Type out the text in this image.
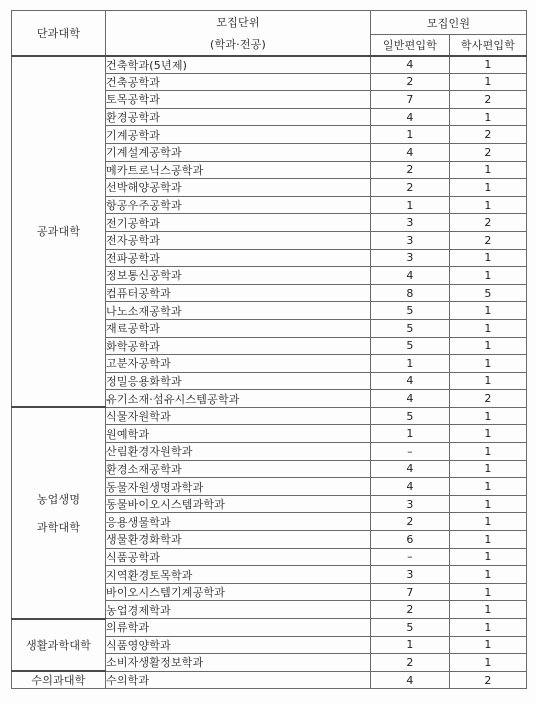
단과대학	모집단위
(학과·전공)	모집인원	
		일반편입학	학사편입학

공과대학	건축학과(5년제)	4	1
	건축공학과	2	1
	토목공학과	7	2
	환경공학과	4	1
	기계공학과	1	2
	기계설계공학과	4	2
	메카트로닉스공학과	2	1
	선박해양공학과	2	1
	항공우주공학과	1	1
	전기공학과	3	2
	전자공학과	3	2
	전파공학과	3	1
	정보통신공학과	4	1
	컴퓨터공학과	8	5
	나노소재공학과	5	1
	재료공학과	5	1
	화학공학과	5	1
	고분자공학과	1	1
	정밀응용화학과	4	1
	유기소재·섬유시스템공학과	4	2

농업생명
과학대학	식물자원학과	5	1
	원예학과	1	1
	산림환경자원학과	–	1
	환경소재공학과	4	1
	동물자원생명과학과	4	1
	동물바이오시스템과학과	3	1
	응용생물학과	2	1
	생물환경화학과	6	1
	식품공학과	–	1
	지역환경토목학과	3	1
	바이오시스템기계공학과	7	1
	농업경제학과	2	1

생활과학대학	의류학과	5	1
	식품영양학과	1	1
	소비자생활정보학과	2	1

수의과대학	수의학과	4	2
